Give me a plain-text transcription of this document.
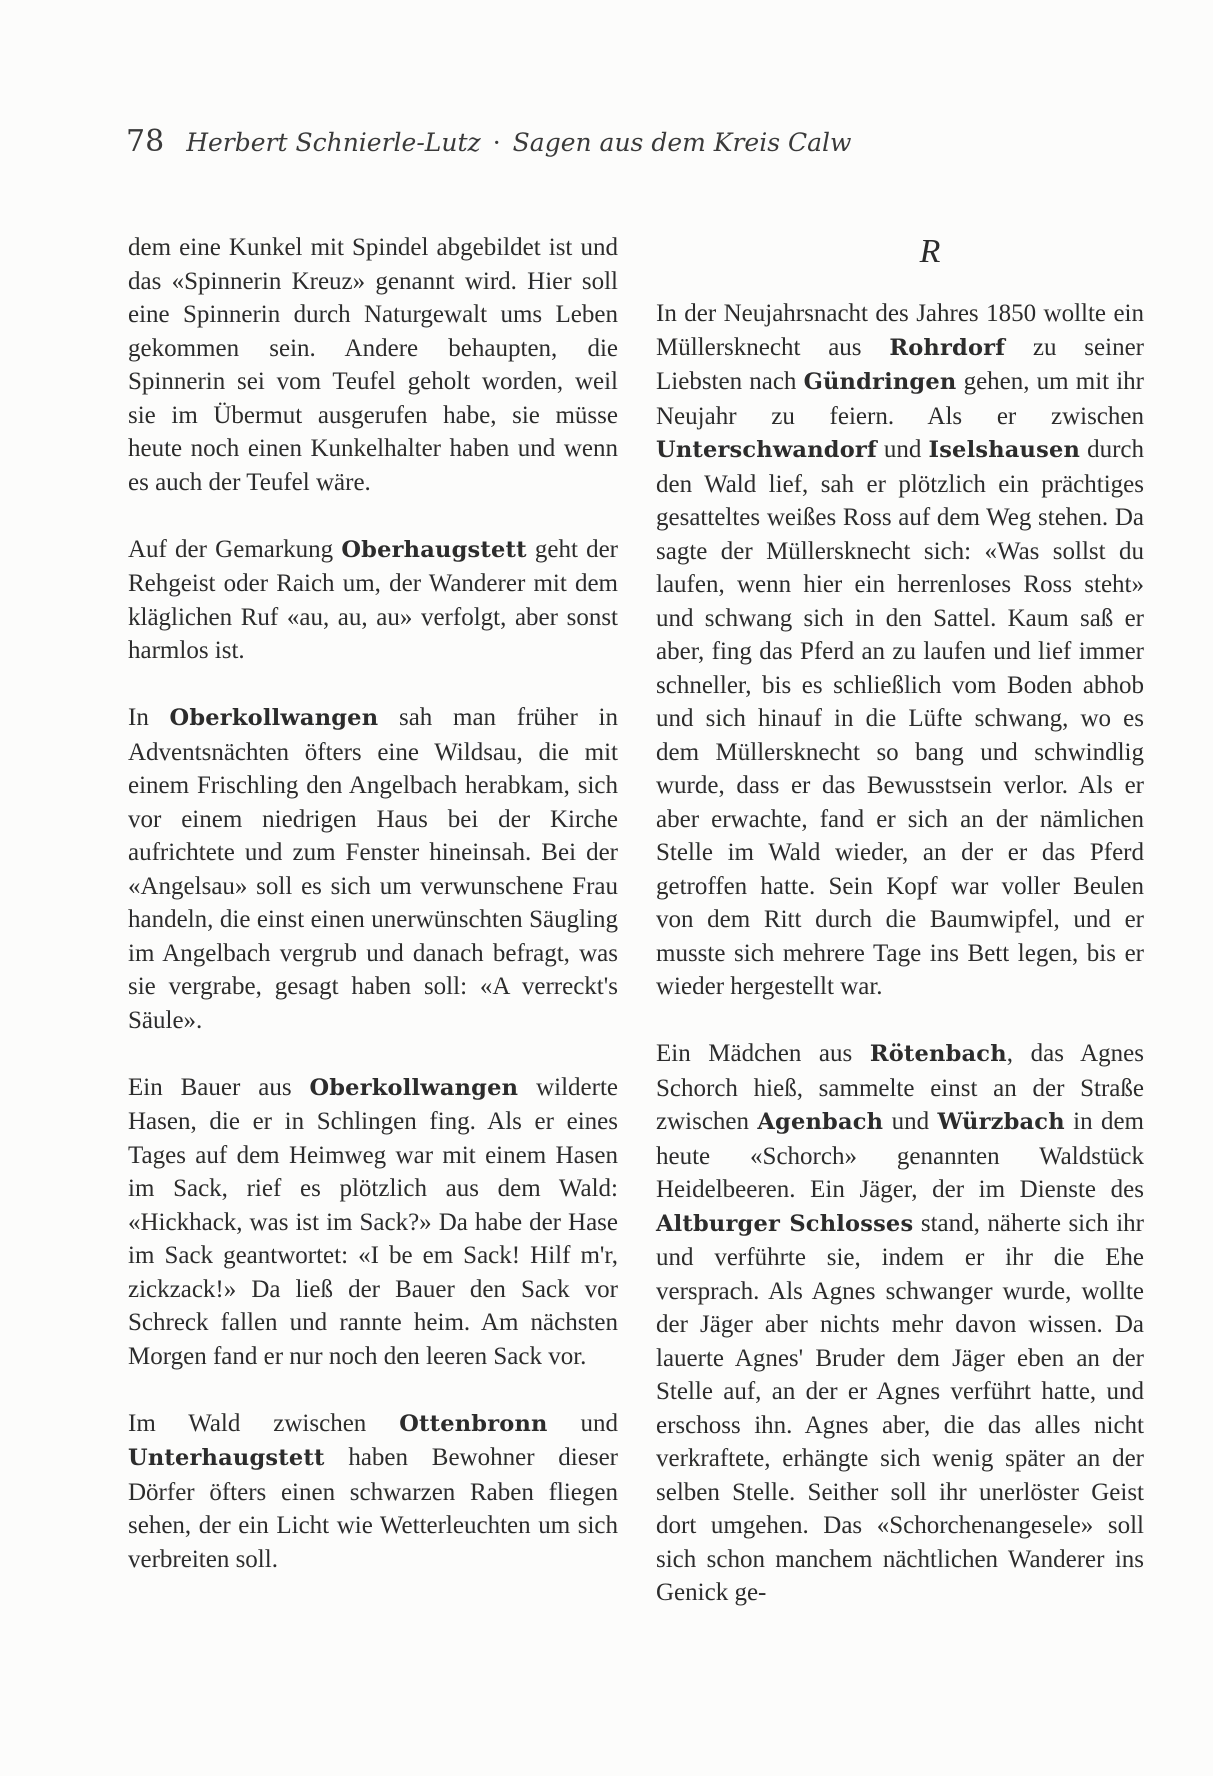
78 Herbert Schnierle-Lutz · Sagen aus dem Kreis Calw

dem eine Kunkel mit Spindel abgebildet ist und das «Spinnerin Kreuz» genannt wird. Hier soll eine Spinnerin durch Naturgewalt ums Leben gekommen sein. Andere behaupten, die Spinnerin sei vom Teufel geholt worden, weil sie im Übermut ausgerufen habe, sie müsse heute noch einen Kunkelhalter haben und wenn es auch der Teufel wäre.

Auf der Gemarkung Oberhaugstett geht der Rehgeist oder Raich um, der Wanderer mit dem kläglichen Ruf «au, au, au» verfolgt, aber sonst harmlos ist.

In Oberkollwangen sah man früher in Adventsnächten öfters eine Wildsau, die mit einem Frischling den Angelbach herabkam, sich vor einem niedrigen Haus bei der Kirche aufrichtete und zum Fenster hineinsah. Bei der «Angelsau» soll es sich um verwunschene Frau handeln, die einst einen unerwünschten Säugling im Angelbach vergrub und danach befragt, was sie vergrabe, gesagt haben soll: «A verreckt's Säule».

Ein Bauer aus Oberkollwangen wilderte Hasen, die er in Schlingen fing. Als er eines Tages auf dem Heimweg war mit einem Hasen im Sack, rief es plötzlich aus dem Wald: «Hickhack, was ist im Sack?» Da habe der Hase im Sack geantwortet: «I be em Sack! Hilf m'r, zickzack!» Da ließ der Bauer den Sack vor Schreck fallen und rannte heim. Am nächsten Morgen fand er nur noch den leeren Sack vor.

Im Wald zwischen Ottenbronn und Unterhaugstett haben Bewohner dieser Dörfer öfters einen schwarzen Raben fliegen sehen, der ein Licht wie Wetterleuchten um sich verbreiten soll.

R

In der Neujahrsnacht des Jahres 1850 wollte ein Müllersknecht aus Rohrdorf zu seiner Liebsten nach Gündringen gehen, um mit ihr Neujahr zu feiern. Als er zwischen Unterschwandorf und Iselshausen durch den Wald lief, sah er plötzlich ein prächtiges gesatteltes weißes Ross auf dem Weg stehen. Da sagte der Müllersknecht sich: «Was sollst du laufen, wenn hier ein herrenloses Ross steht» und schwang sich in den Sattel. Kaum saß er aber, fing das Pferd an zu laufen und lief immer schneller, bis es schließlich vom Boden abhob und sich hinauf in die Lüfte schwang, wo es dem Müllersknecht so bang und schwindlig wurde, dass er das Bewusstsein verlor. Als er aber erwachte, fand er sich an der nämlichen Stelle im Wald wieder, an der er das Pferd getroffen hatte. Sein Kopf war voller Beulen von dem Ritt durch die Baumwipfel, und er musste sich mehrere Tage ins Bett legen, bis er wieder hergestellt war.

Ein Mädchen aus Rötenbach, das Agnes Schorch hieß, sammelte einst an der Straße zwischen Agenbach und Würzbach in dem heute «Schorch» genannten Waldstück Heidelbeeren. Ein Jäger, der im Dienste des Altburger Schlosses stand, näherte sich ihr und verführte sie, indem er ihr die Ehe versprach. Als Agnes schwanger wurde, wollte der Jäger aber nichts mehr davon wissen. Da lauerte Agnes' Bruder dem Jäger eben an der Stelle auf, an der er Agnes verführt hatte, und erschoss ihn. Agnes aber, die das alles nicht verkraftete, erhängte sich wenig später an der selben Stelle. Seither soll ihr unerlöster Geist dort umgehen. Das «Schorchenangesele» soll sich schon manchem nächtlichen Wanderer ins Genick ge-
